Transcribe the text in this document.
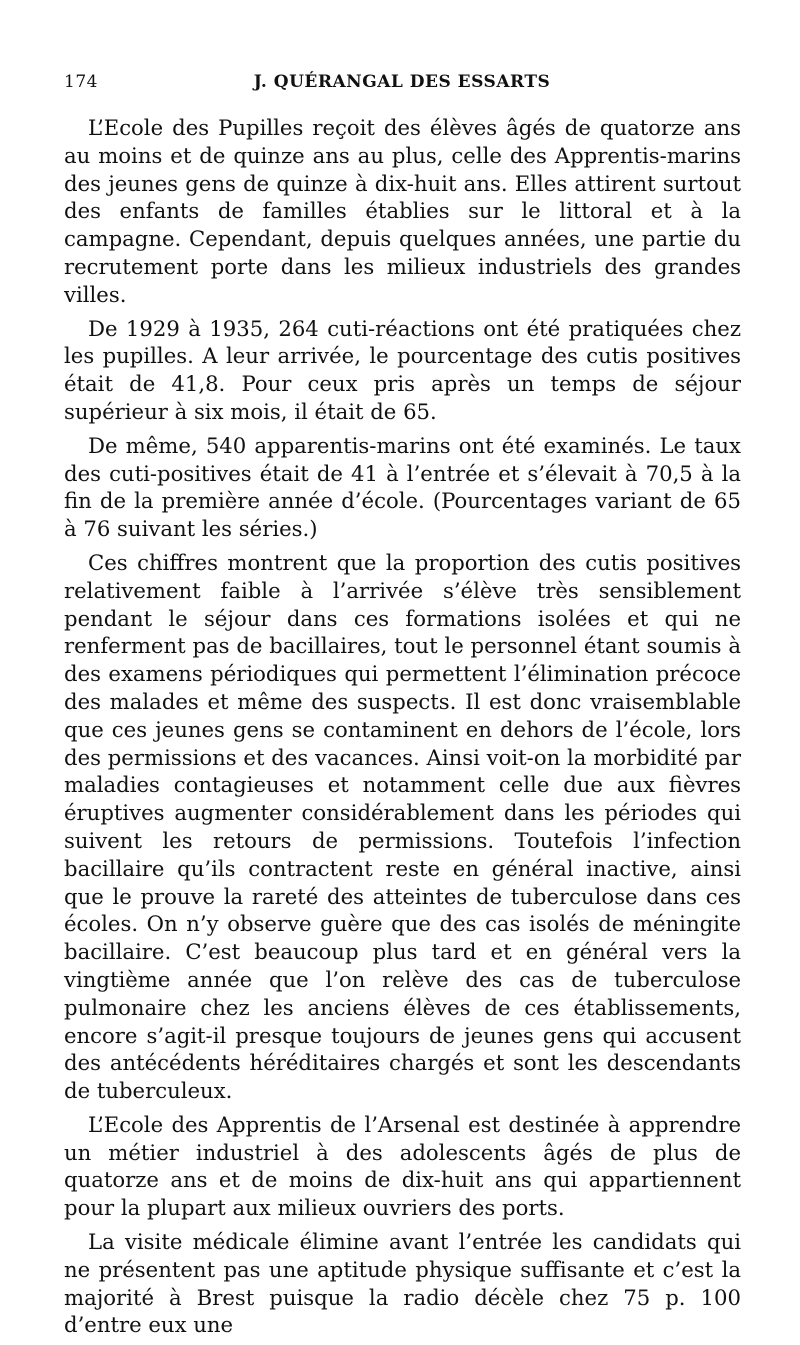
174	J. QUÉRANGAL DES ESSARTS

L’Ecole des Pupilles reçoit des élèves âgés de quatorze ans au moins et de quinze ans au plus, celle des Apprentis-marins des jeunes gens de quinze à dix-huit ans. Elles attirent surtout des enfants de familles établies sur le littoral et à la campagne. Cependant, depuis quelques années, une partie du recrutement porte dans les milieux industriels des grandes villes.

De 1929 à 1935, 264 cuti-réactions ont été pratiquées chez les pupilles. A leur arrivée, le pourcentage des cutis positives était de 41,8. Pour ceux pris après un temps de séjour supérieur à six mois, il était de 65.

De même, 540 apparentis-marins ont été examinés. Le taux des cuti-positives était de 41 à l’entrée et s’élevait à 70,5 à la fin de la première année d’école. (Pourcentages variant de 65 à 76 suivant les séries.)

Ces chiffres montrent que la proportion des cutis positives relativement faible à l’arrivée s’élève très sensiblement pendant le séjour dans ces formations isolées et qui ne renferment pas de bacillaires, tout le personnel étant soumis à des examens périodiques qui permettent l’élimination précoce des malades et même des suspects. Il est donc vraisemblable que ces jeunes gens se contaminent en dehors de l’école, lors des permissions et des vacances. Ainsi voit-on la morbidité par maladies contagieuses et notamment celle due aux fièvres éruptives augmenter considérablement dans les périodes qui suivent les retours de permissions. Toutefois l’infection bacillaire qu’ils contractent reste en général inactive, ainsi que le prouve la rareté des atteintes de tuberculose dans ces écoles. On n’y observe guère que des cas isolés de méningite bacillaire. C’est beaucoup plus tard et en général vers la vingtième année que l’on relève des cas de tuberculose pulmonaire chez les anciens élèves de ces établissements, encore s’agit-il presque toujours de jeunes gens qui accusent des antécédents héréditaires chargés et sont les descendants de tuberculeux.

L’Ecole des Apprentis de l’Arsenal est destinée à apprendre un métier industriel à des adolescents âgés de plus de quatorze ans et de moins de dix-huit ans qui appartiennent pour la plupart aux milieux ouvriers des ports.

La visite médicale élimine avant l’entrée les candidats qui ne présentent pas une aptitude physique suffisante et c’est la majorité à Brest puisque la radio décèle chez 75 p. 100 d’entre eux une
